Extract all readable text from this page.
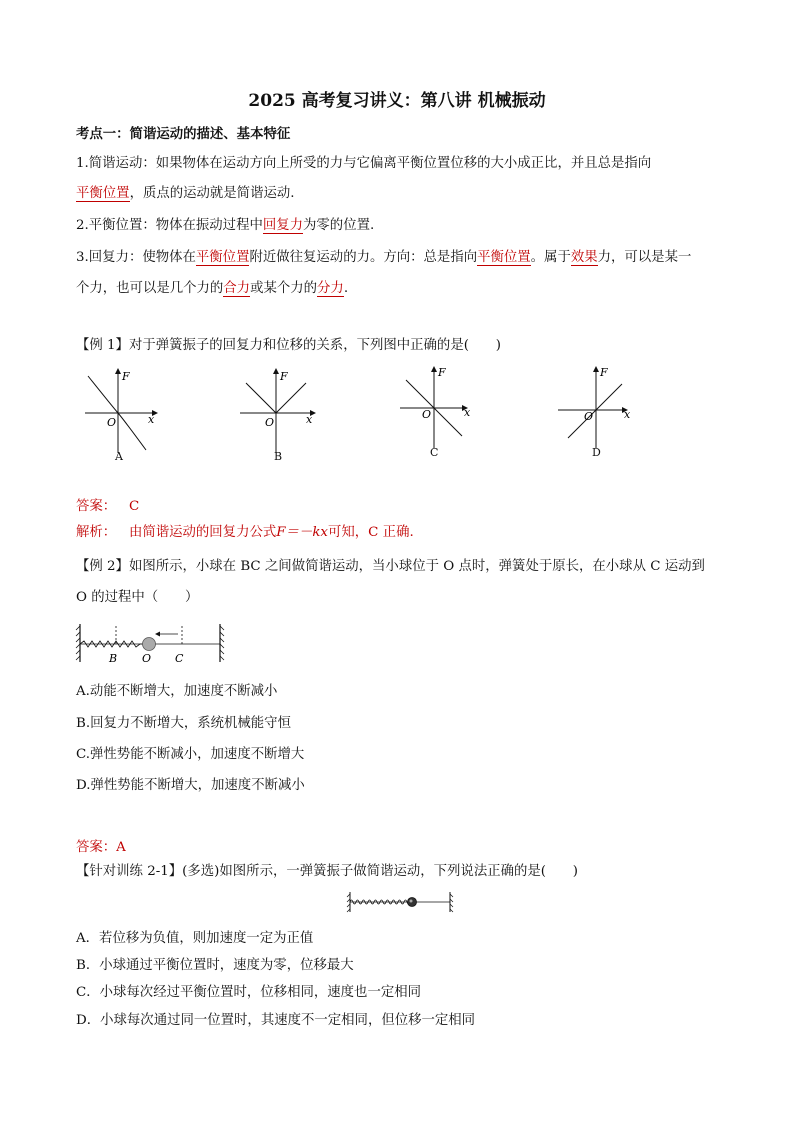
2025 高考复习讲义：第八讲 机械振动
考点一：简谐运动的描述、基本特征
1.简谐运动：如果物体在运动方向上所受的力与它偏离平衡位置位移的大小成正比，并且总是指向
平衡位置，质点的运动就是简谐运动.
2.平衡位置：物体在振动过程中回复力为零的位置.
3.回复力：使物体在平衡位置附近做往复运动的力。方向：总是指向平衡位置。属于效果力，可以是某一
个力，也可以是几个力的合力或某个力的分力.
【例 1】对于弹簧振子的回复力和位移的关系，下列图中正确的是(　　)
F
x
O
A
F
x
O
B
F
x
O
C
F
x
O
D
答案： C
解析： 由简谐运动的回复力公式F＝－kx可知，C 正确.
【例 2】如图所示，小球在 BC 之间做简谐运动，当小球位于 O 点时，弹簧处于原长，在小球从 C 运动到
O 的过程中（　　）
B O C
A.动能不断增大，加速度不断减小
B.回复力不断增大，系统机械能守恒
C.弹性势能不断减小，加速度不断增大
D.弹性势能不断增大，加速度不断减小
答案：A
【针对训练 2-1】(多选)如图所示，一弹簧振子做简谐运动，下列说法正确的是(　　)
A．若位移为负值，则加速度一定为正值
B．小球通过平衡位置时，速度为零，位移最大
C．小球每次经过平衡位置时，位移相同，速度也一定相同
D．小球每次通过同一位置时，其速度不一定相同，但位移一定相同
